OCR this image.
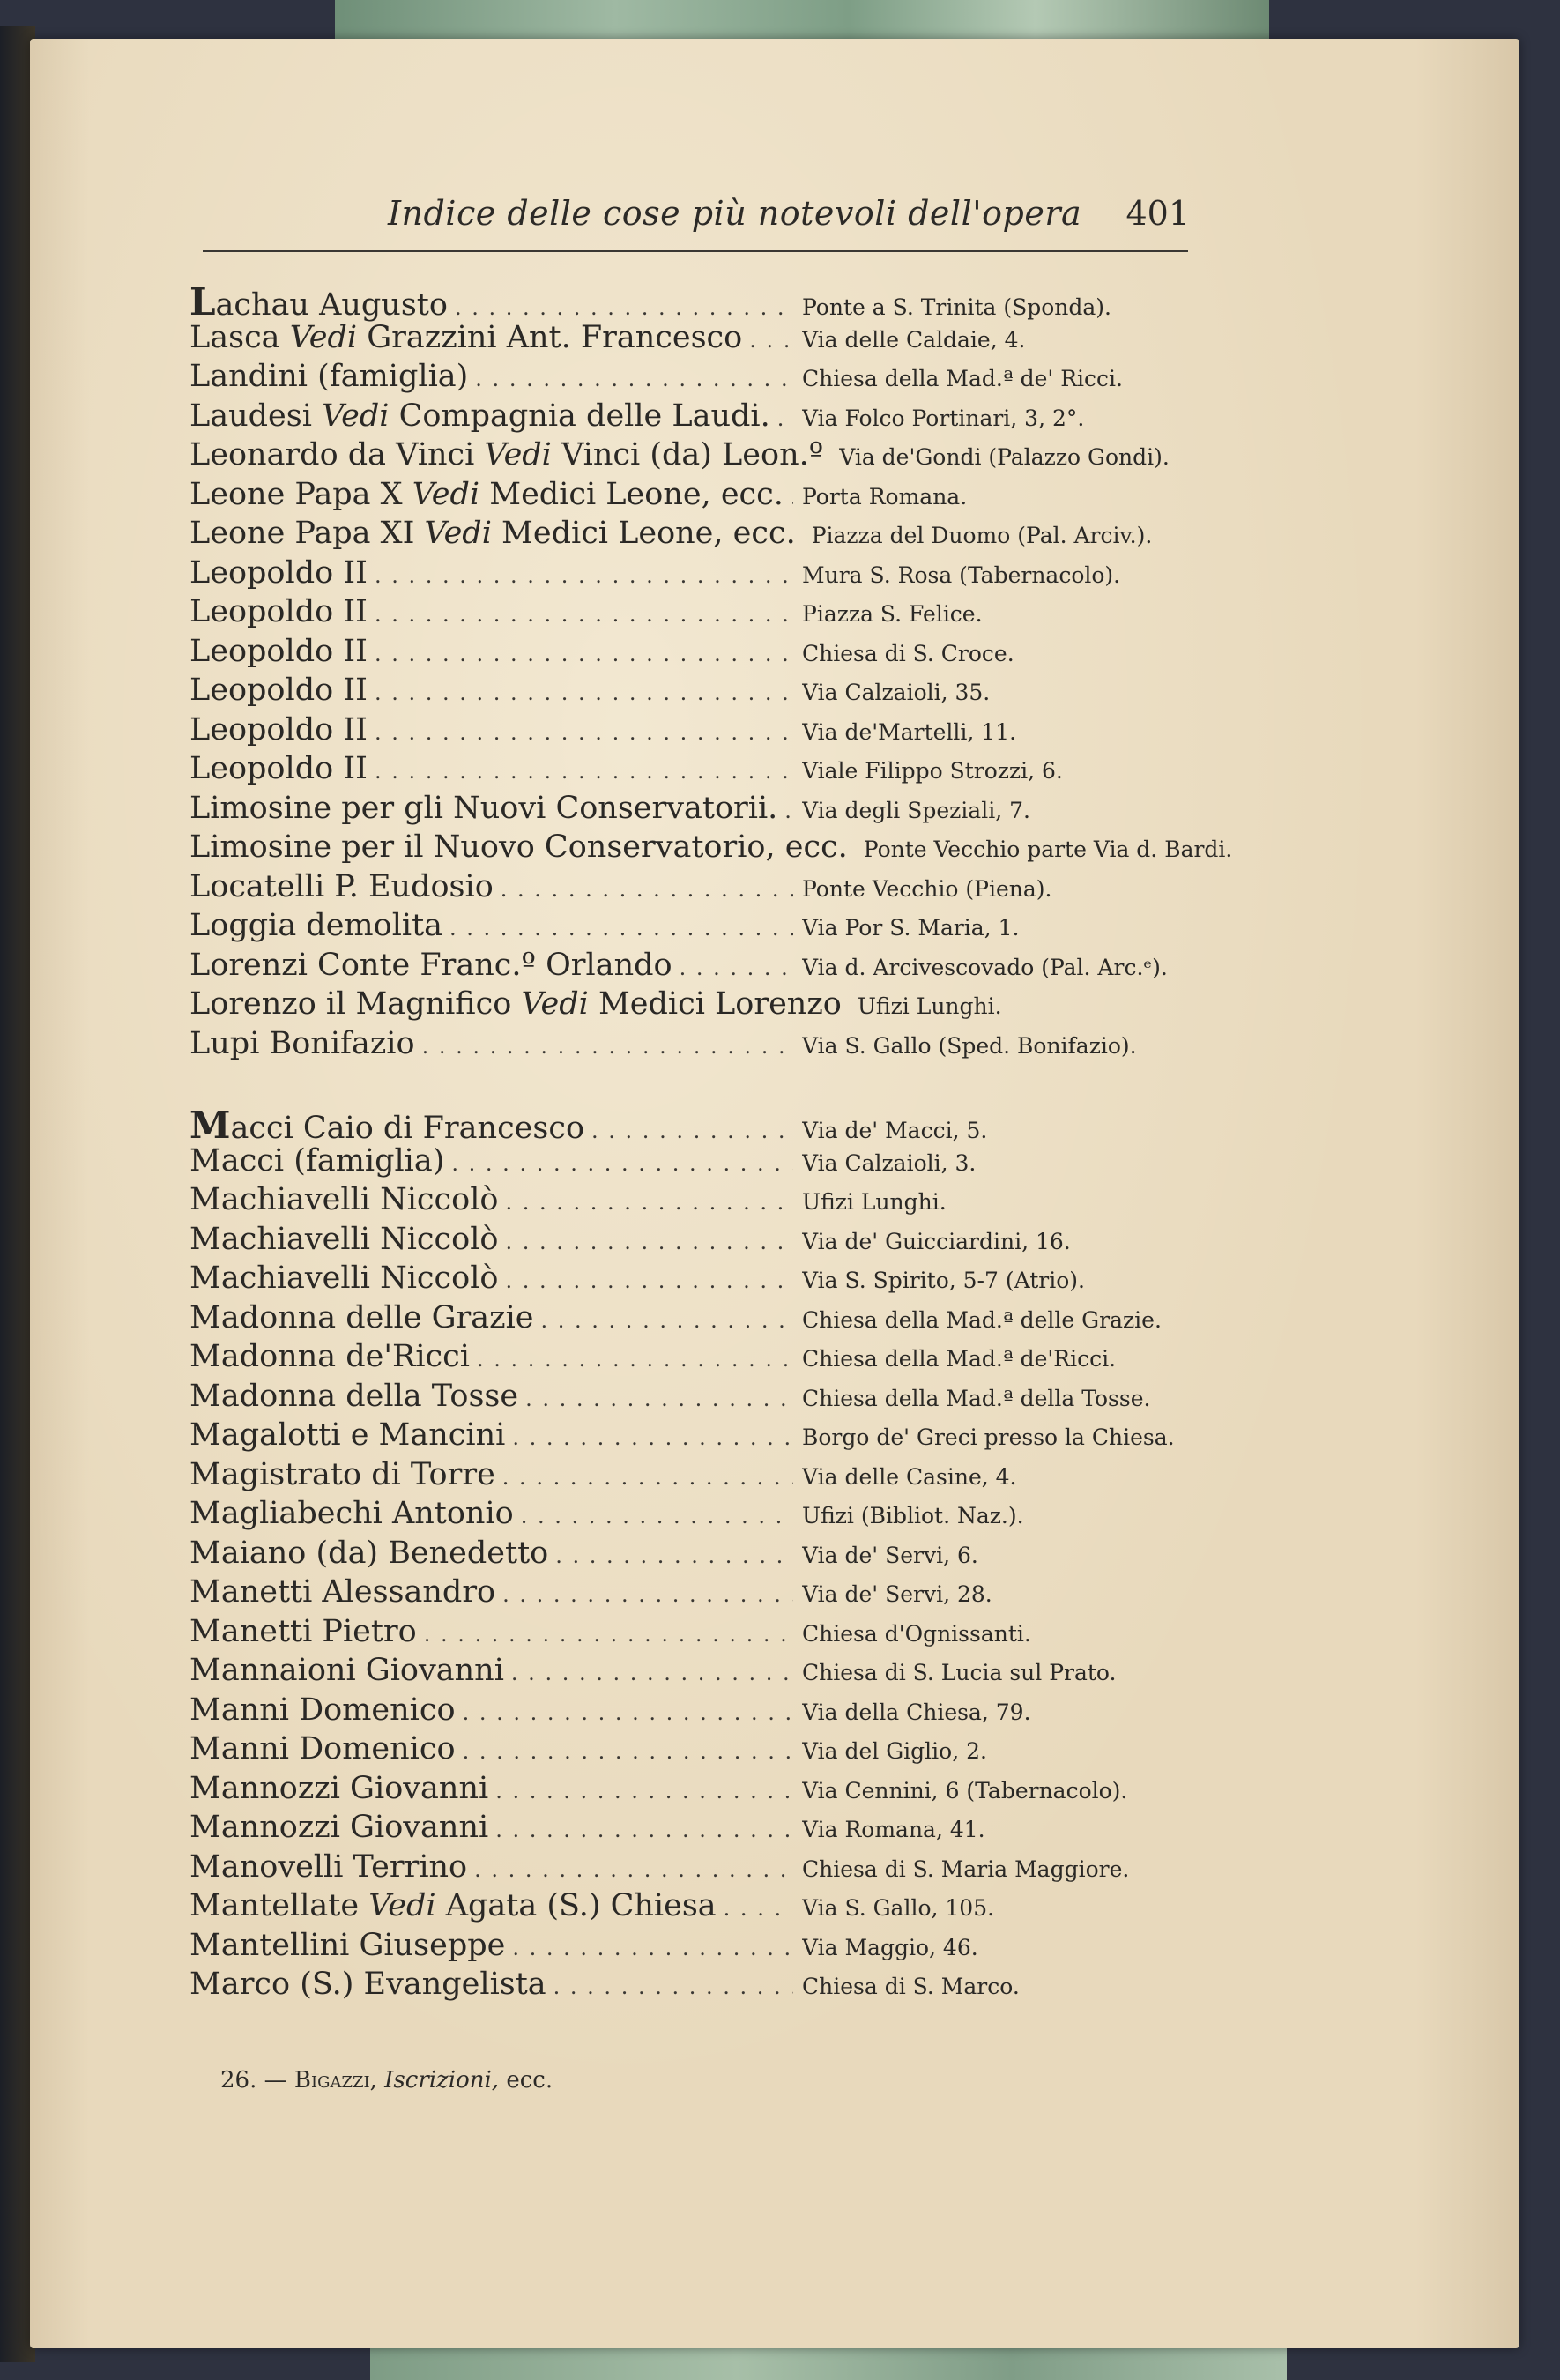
Indice delle cose più notevoli dell'opera 401
Lachau Augusto . . .	Ponte a S. Trinita (Sponda).
Lasca Vedi Grazzini Ant. Francesco . . .	Via delle Caldaie, 4.
Landini (famiglia) . . .	Chiesa della Mad.ª de' Ricci.
Laudesi Vedi Compagnia delle Laudi. . . . Via Folco Portinari, 3, 2°.
Leonardo da Vinci Vedi Vinci (da) Leon.º Via de'Gondi (Palazzo Gondi).
Leone Papa X Vedi Medici Leone, ecc. . . . Porta Romana.
Leone Papa XI Vedi Medici Leone, ecc. Piazza del Duomo (Pal. Arciv.).
Leopoldo II . . .	Mura S. Rosa (Tabernacolo).
Leopoldo II . . .	Piazza S. Felice.
Leopoldo II . . .	Chiesa di S. Croce.
Leopoldo II . . .	Via Calzaioli, 35.
Leopoldo II . . .	Via de'Martelli, 11.
Leopoldo II . . .	Viale Filippo Strozzi, 6.
Limosine per gli Nuovi Conservatorii. . . . Via degli Speziali, 7.
Limosine per il Nuovo Conservatorio, ecc. Ponte Vecchio parte Via d. Bardi.
Locatelli P. Eudosio . . .	Ponte Vecchio (Piena).
Loggia demolita . . .	Via Por S. Maria, 1.
Lorenzi Conte Franc.º Orlando . . .	Via d. Arcivescovado (Pal. Arc.ᵉ).
Lorenzo il Magnifico Vedi Medici Lorenzo Ufizi Lunghi.
Lupi Bonifazio . . .	Via S. Gallo (Sped. Bonifazio).
Macci Caio di Francesco . . .	Via de' Macci, 5.
Macci (famiglia) . . .	Via Calzaioli, 3.
Machiavelli Niccolò . . .	Ufizi Lunghi.
Machiavelli Niccolò . . .	Via de' Guicciardini, 16.
Machiavelli Niccolò . . .	Via S. Spirito, 5-7 (Atrio).
Madonna delle Grazie . . .	Chiesa della Mad.ª delle Grazie.
Madonna de'Ricci . . .	Chiesa della Mad.ª de'Ricci.
Madonna della Tosse . . .	Chiesa della Mad.ª della Tosse.
Magalotti e Mancini . . .	Borgo de' Greci presso la Chiesa.
Magistrato di Torre . . .	Via delle Casine, 4.
Magliabechi Antonio . . .	Ufizi (Bibliot. Naz.).
Maiano (da) Benedetto . . .	Via de' Servi, 6.
Manetti Alessandro . . .	Via de' Servi, 28.
Manetti Pietro . . .	Chiesa d'Ognissanti.
Mannaioni Giovanni . . .	Chiesa di S. Lucia sul Prato.
Manni Domenico . . .	Via della Chiesa, 79.
Manni Domenico . . .	Via del Giglio, 2.
Mannozzi Giovanni . . .	Via Cennini, 6 (Tabernacolo).
Mannozzi Giovanni . . .	Via Romana, 41.
Manovelli Terrino . . .	Chiesa di S. Maria Maggiore.
Mantellate Vedi Agata (S.) Chiesa . . .	Via S. Gallo, 105.
Mantellini Giuseppe . . .	Via Maggio, 46.
Marco (S.) Evangelista . . .	Chiesa di S. Marco.
26. — Bigazzi, Iscrizioni, ecc.
